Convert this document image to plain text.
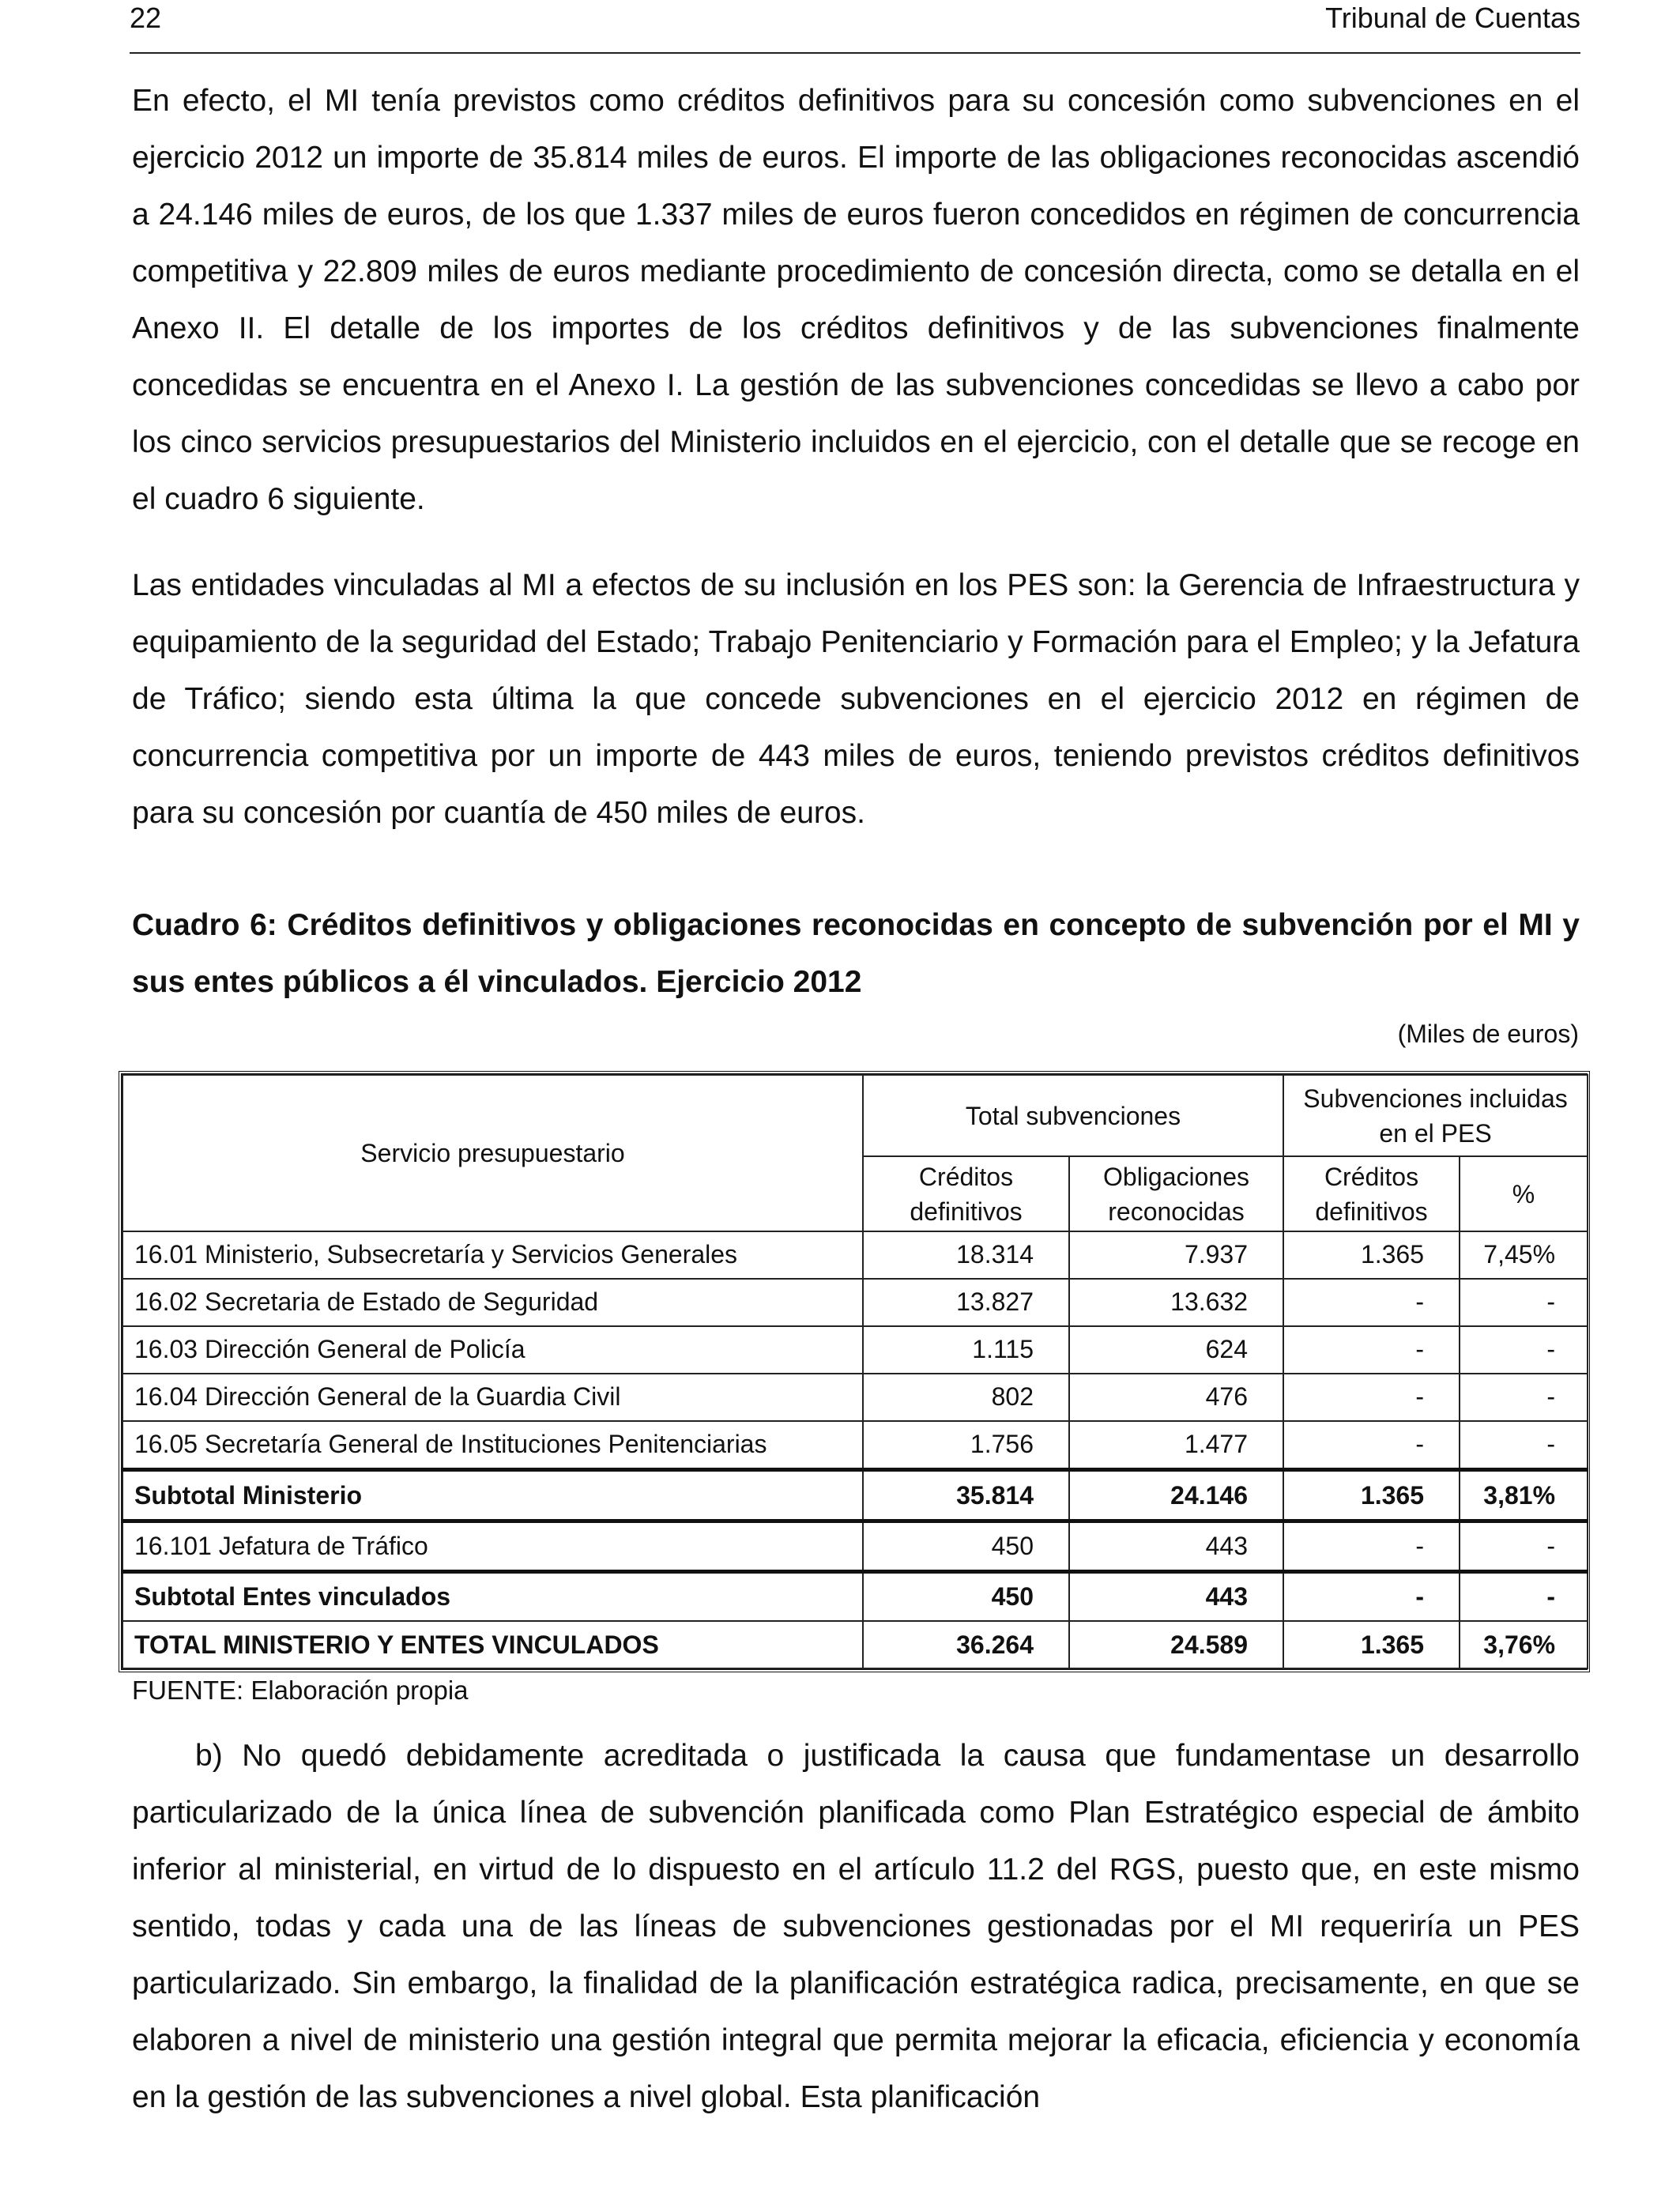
22	Tribunal de Cuentas

En efecto, el MI tenía previstos como créditos definitivos para su concesión como subvenciones en el ejercicio 2012 un importe de 35.814 miles de euros. El importe de las obligaciones reconocidas ascendió a 24.146 miles de euros, de los que 1.337 miles de euros fueron concedidos en régimen de concurrencia competitiva y 22.809 miles de euros mediante procedimiento de concesión directa, como se detalla en el Anexo II. El detalle de los importes de los créditos definitivos y de las subvenciones finalmente concedidas se encuentra en el Anexo I. La gestión de las subvenciones concedidas se llevo a cabo por los cinco servicios presupuestarios del Ministerio incluidos en el ejercicio, con el detalle que se recoge en el cuadro 6 siguiente.

Las entidades vinculadas al MI a efectos de su inclusión en los PES son: la Gerencia de Infraestructura y equipamiento de la seguridad del Estado; Trabajo Penitenciario y Formación para el Empleo; y la Jefatura de Tráfico; siendo esta última la que concede subvenciones en el ejercicio 2012 en régimen de concurrencia competitiva por un importe de 443 miles de euros, teniendo previstos créditos definitivos para su concesión por cuantía de 450 miles de euros.

Cuadro 6: Créditos definitivos y obligaciones reconocidas en concepto de subvención por el MI y sus entes públicos a él vinculados. Ejercicio 2012

(Miles de euros)
Servicio presupuestario	Total subvenciones		Subvenciones incluidas en el PES	
	Créditos definitivos	Obligaciones reconocidas	Créditos definitivos	%
16.01 Ministerio, Subsecretaría y Servicios Generales	18.314	7.937	1.365	7,45%
16.02 Secretaria de Estado de Seguridad	13.827	13.632	-	-
16.03 Dirección General de Policía	1.115	624	-	-
16.04 Dirección General de la Guardia Civil	802	476	-	-
16.05 Secretaría General de Instituciones Penitenciarias	1.756	1.477	-	-
Subtotal Ministerio	35.814	24.146	1.365	3,81%
16.101 Jefatura de Tráfico	450	443	-	-
Subtotal Entes vinculados	450	443	-	-
TOTAL MINISTERIO Y ENTES VINCULADOS	36.264	24.589	1.365	3,76%
FUENTE: Elaboración propia

b) No quedó debidamente acreditada o justificada la causa que fundamentase un desarrollo particularizado de la única línea de subvención planificada como Plan Estratégico especial de ámbito inferior al ministerial, en virtud de lo dispuesto en el artículo 11.2 del RGS, puesto que, en este mismo sentido, todas y cada una de las líneas de subvenciones gestionadas por el MI requeriría un PES particularizado. Sin embargo, la finalidad de la planificación estratégica radica, precisamente, en que se elaboren a nivel de ministerio una gestión integral que permita mejorar la eficacia, eficiencia y economía en la gestión de las subvenciones a nivel global. Esta planificación
